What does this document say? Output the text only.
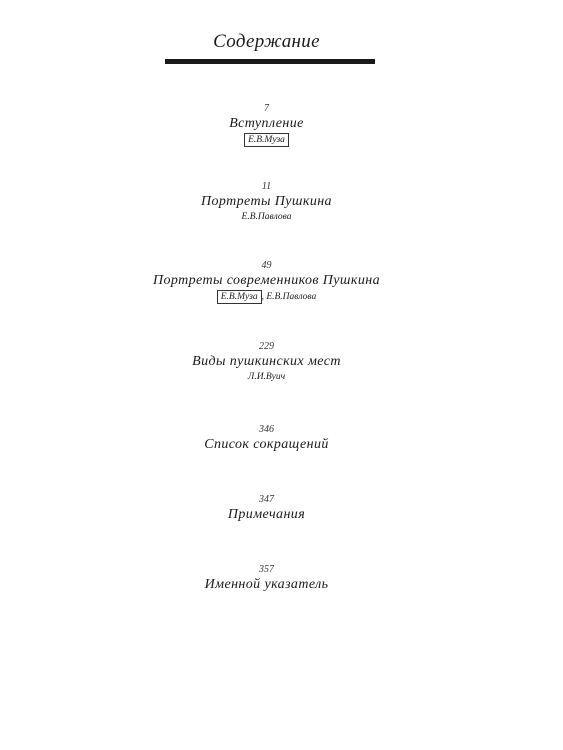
Содержание
7
Вступление
Е.В.Муза
11
Портреты Пушкина
Е.В.Павлова
49
Портреты современников Пушкина
Е.В.Муза , Е.В.Павлова
229
Виды пушкинских мест
Л.И.Вуич
346
Список сокращений
347
Примечания
357
Именной указатель
